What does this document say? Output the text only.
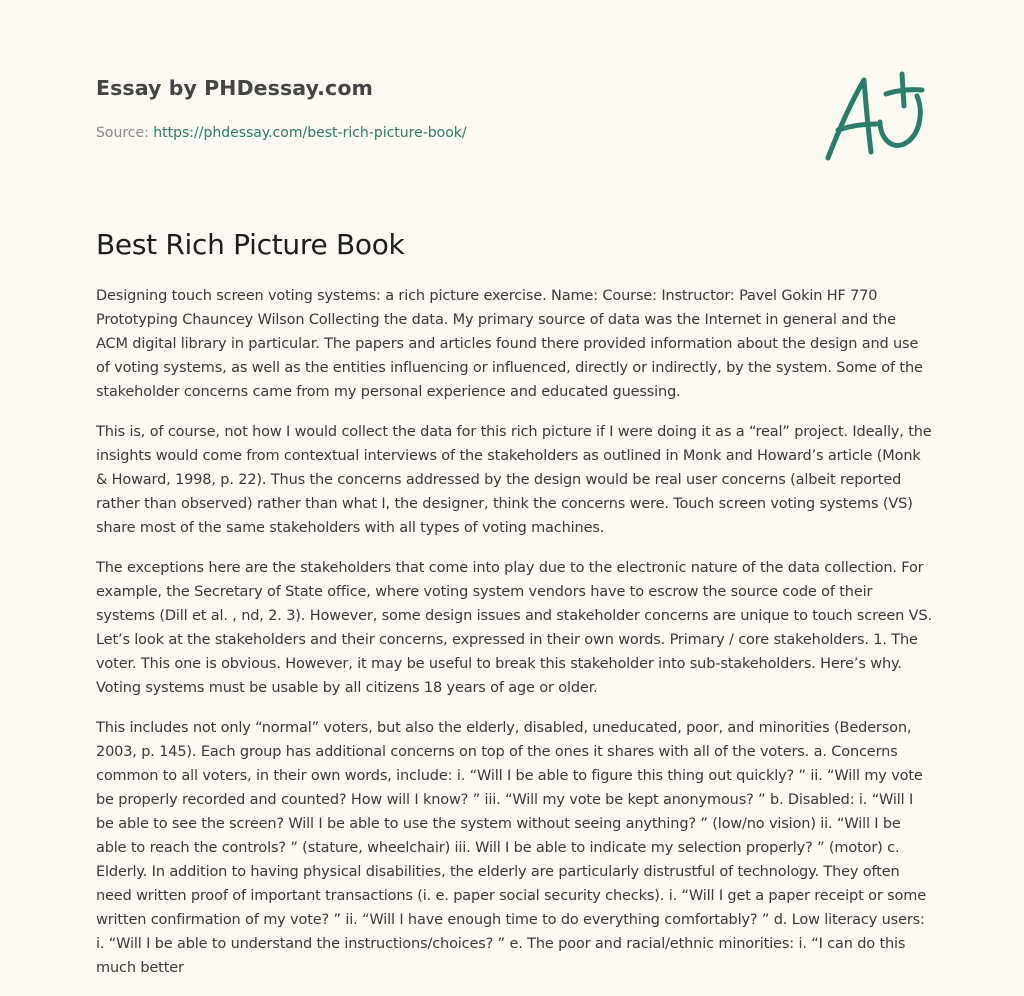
Essay by PHDessay.com
Source: https://phdessay.com/best-rich-picture-book/
Best Rich Picture Book

Designing touch screen voting systems: a rich picture exercise. Name: Course: Instructor: Pavel Gokin HF 770 Prototyping Chauncey Wilson Collecting the data. My primary source of data was the Internet in general and the ACM digital library in particular. The papers and articles found there provided information about the design and use of voting systems, as well as the entities influencing or influenced, directly or indirectly, by the system. Some of the stakeholder concerns came from my personal experience and educated guessing.

This is, of course, not how I would collect the data for this rich picture if I were doing it as a “real” project. Ideally, the insights would come from contextual interviews of the stakeholders as outlined in Monk and Howard’s article (Monk & Howard, 1998, p. 22). Thus the concerns addressed by the design would be real user concerns (albeit reported rather than observed) rather than what I, the designer, think the concerns were. Touch screen voting systems (VS) share most of the same stakeholders with all types of voting machines.

The exceptions here are the stakeholders that come into play due to the electronic nature of the data collection. For example, the Secretary of State office, where voting system vendors have to escrow the source code of their systems (Dill et al. , nd, 2. 3). However, some design issues and stakeholder concerns are unique to touch screen VS. Let’s look at the stakeholders and their concerns, expressed in their own words. Primary / core stakeholders. 1. The voter. This one is obvious. However, it may be useful to break this stakeholder into sub-stakeholders. Here’s why. Voting systems must be usable by all citizens 18 years of age or older.

This includes not only “normal” voters, but also the elderly, disabled, uneducated, poor, and minorities (Bederson, 2003, p. 145). Each group has additional concerns on top of the ones it shares with all of the voters. a. Concerns common to all voters, in their own words, include: i. “Will I be able to figure this thing out quickly? ” ii. “Will my vote be properly recorded and counted? How will I know? ” iii. “Will my vote be kept anonymous? ” b. Disabled: i. “Will I be able to see the screen? Will I be able to use the system without seeing anything? ” (low/no vision) ii. “Will I be able to reach the controls? ” (stature, wheelchair) iii. Will I be able to indicate my selection properly? ” (motor) c. Elderly. In addition to having physical disabilities, the elderly are particularly distrustful of technology. They often need written proof of important transactions (i. e. paper social security checks). i. “Will I get a paper receipt or some written confirmation of my vote? ” ii. “Will I have enough time to do everything comfortably? ” d. Low literacy users: i. “Will I be able to understand the instructions/choices? ” e. The poor and racial/ethnic minorities: i. “I can do this much better
